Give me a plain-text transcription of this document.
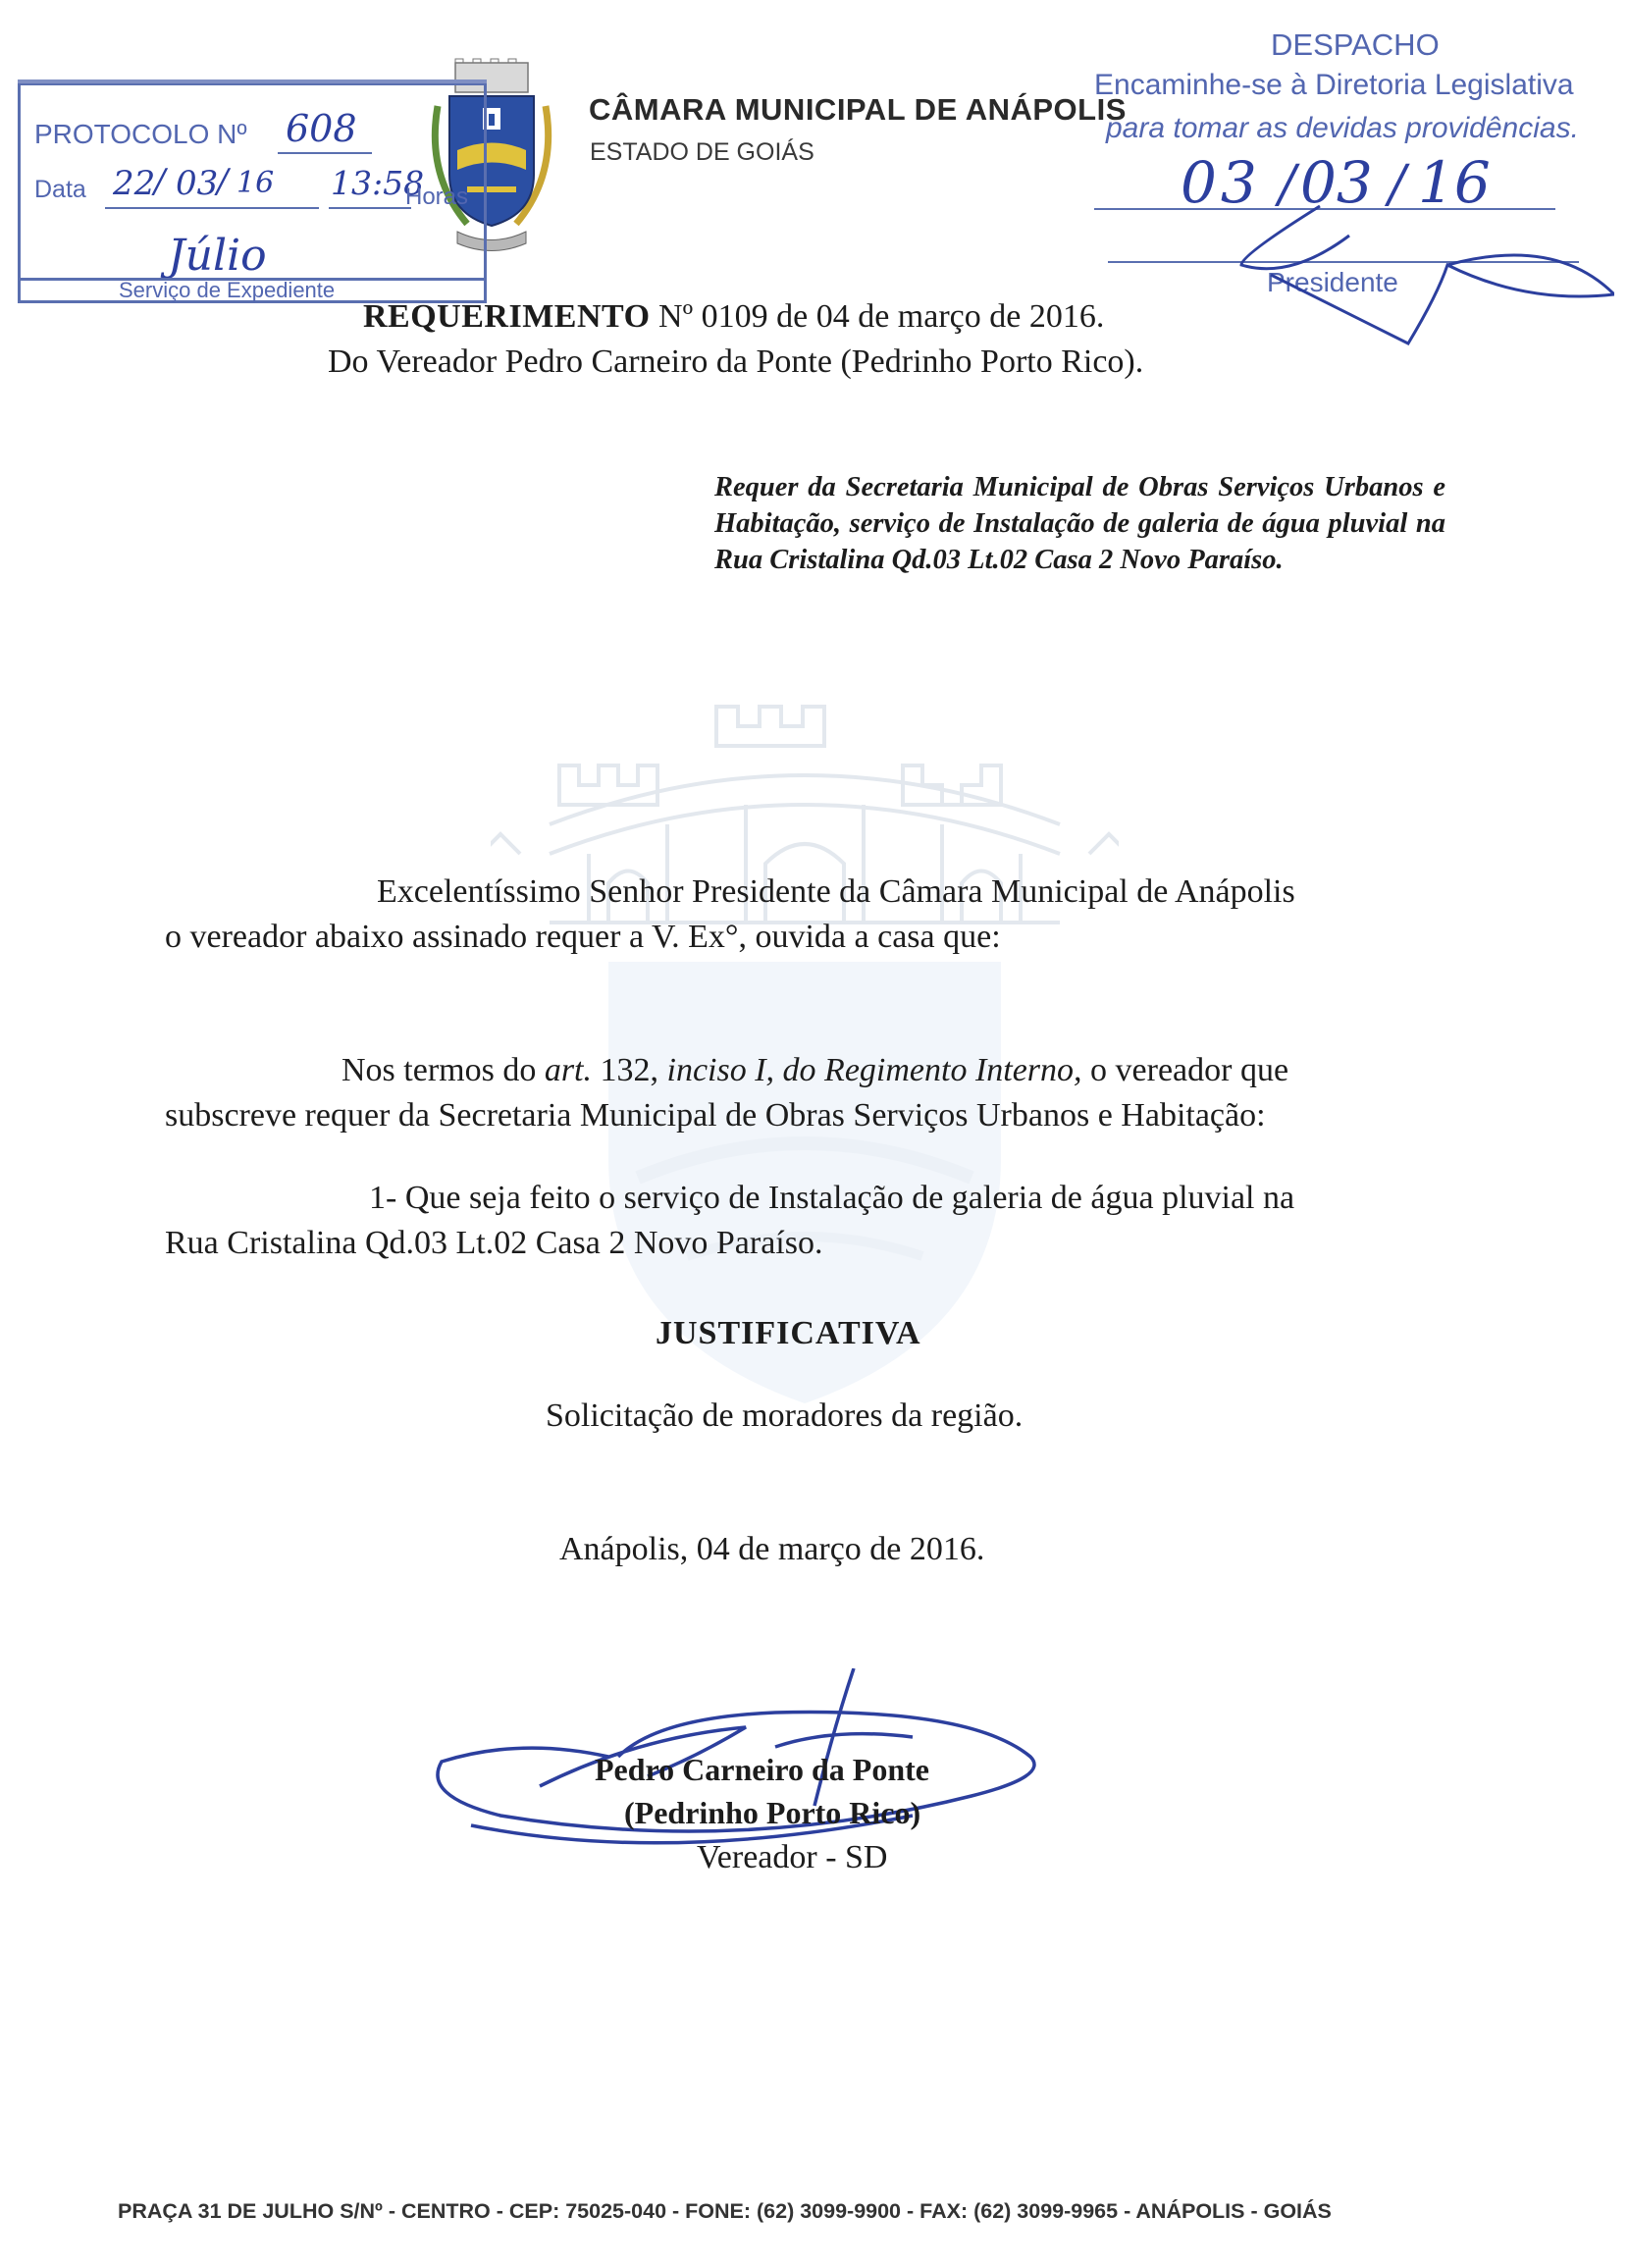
CÂMARA MUNICIPAL DE ANÁPOLIS
ESTADO DE GOIÁS
PROTOCOLO Nº 608
Data 22
/ 03
/ 16 13:58
Horas
Júlio
Serviço de Expediente
DESPACHO
Encaminhe-se à Diretoria Legislativa
para tomar as devidas providências.
03 / 03 / 16
Presidente
REQUERIMENTO Nº 0109 de 04 de março de 2016.
Do Vereador Pedro Carneiro da Ponte (Pedrinho Porto Rico).
Requer da Secretaria Municipal de Obras Serviços Urbanos e Habitação, serviço de Instalação de galeria de água pluvial na Rua Cristalina Qd.03 Lt.02 Casa 2 Novo Paraíso.
Excelentíssimo Senhor Presidente da Câmara Municipal de Anápolis
o vereador abaixo assinado requer a V. Ex°, ouvida a casa que:
Nos termos do art. 132, inciso I, do Regimento Interno, o vereador que
subscreve requer da Secretaria Municipal de Obras Serviços Urbanos e Habitação:
1- Que seja feito o serviço de Instalação de galeria de água pluvial na
Rua Cristalina Qd.03 Lt.02 Casa 2 Novo Paraíso.
JUSTIFICATIVA
Solicitação de moradores da região.
Anápolis, 04 de março de 2016.
Pedro Carneiro da Ponte
(Pedrinho Porto Rico)
Vereador - SD
PRAÇA 31 DE JULHO S/Nº - CENTRO - CEP: 75025-040 - FONE: (62) 3099-9900 - FAX: (62) 3099-9965 - ANÁPOLIS - GOIÁS
